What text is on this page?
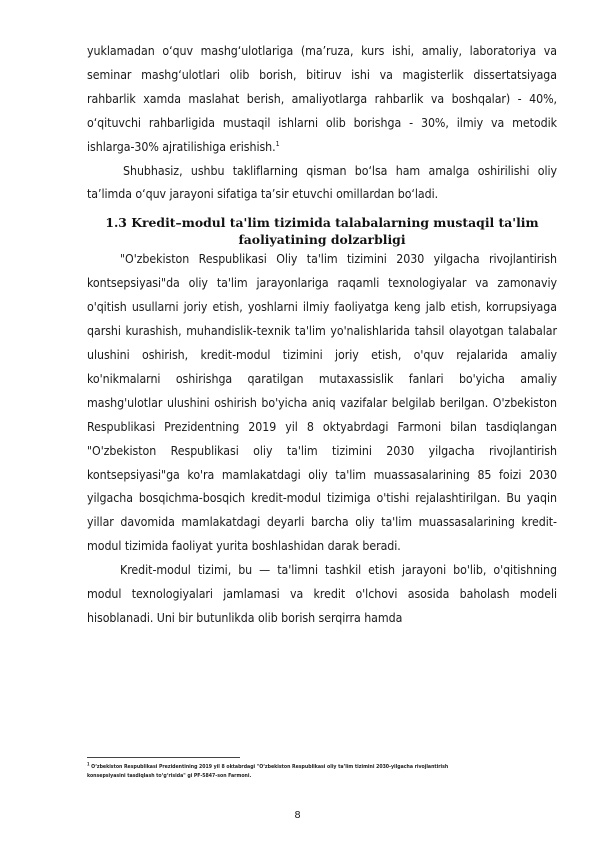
yuklamadan o‘quv mashg‘ulotlariga (ma’ruza, kurs ishi, amaliy, laboratoriya va seminar mashg‘ulotlari olib borish, bitiruv ishi va magisterlik dissertatsiyaga rahbarlik xamda maslahat berish, amaliyotlarga rahbarlik va boshqalar) - 40%, o‘qituvchi rahbarligida mustaqil ishlarni olib borishga - 30%, ilmiy va metodik ishlarga-30% ajratilishiga erishish.$^1$

Shubhasiz, ushbu takliflarning qisman bo‘lsa ham amalga oshirilishi oliy ta’limda o‘quv jarayoni sifatiga ta’sir etuvchi omillardan bo‘ladi.

1.3 Kredit–modul ta'lim tizimida talabalarning mustaqil ta'lim faoliyatining dolzarbligi

"O'zbekiston Respublikasi Oliy ta'lim tizimini 2030 yilgacha rivojlantirish kontsepsiyasi"da oliy ta'lim jarayonlariga raqamli texnologiyalar va zamonaviy o'qitish usullarni joriy etish, yoshlarni ilmiy faoliyatga keng jalb etish, korrupsiyaga qarshi kurashish, muhandislik-texnik ta'lim yo'nalishlarida tahsil olayotgan talabalar ulushini oshirish, kredit-modul tizimini joriy etish, o'quv rejalarida amaliy ko'nikmalarni oshirishga qaratilgan mutaxassislik fanlari bo'yicha amaliy mashg'ulotlar ulushini oshirish bo'yicha aniq vazifalar belgilab berilgan. O'zbekiston Respublikasi Prezidentning 2019 yil 8 oktyabrdagi Farmoni bilan tasdiqlangan "O'zbekiston Respublikasi oliy ta'lim tizimini 2030 yilgacha rivojlantirish kontsepsiyasi"ga ko'ra mamlakatdagi oliy ta'lim muassasalarining 85 foizi 2030 yilgacha bosqichma-bosqich kredit-modul tizimiga o'tishi rejalashtirilgan. Bu yaqin yillar davomida mamlakatdagi deyarli barcha oliy ta'lim muassasalarining kredit-modul tizimida faoliyat yurita boshlashidan darak beradi.

Kredit-modul tizimi, bu — ta'limni tashkil etish jarayoni bo'lib, o'qitishning modul texnologiyalari jamlamasi va kredit o'lchovi asosida baholash modeli hisoblanadi. Uni bir butunlikda olib borish serqirra hamda

$^1$ O‘zbekiston Respublikasi Prezidentining 2019 yil 8 oktabrdagi "O‘zbekiston Respublikasi oliy ta’lim tizimini 2030-yilgacha rivojlantirish konsepsiyasini tasdiqlash to‘g‘risida" gi PF-5847-son Farmoni.
8
